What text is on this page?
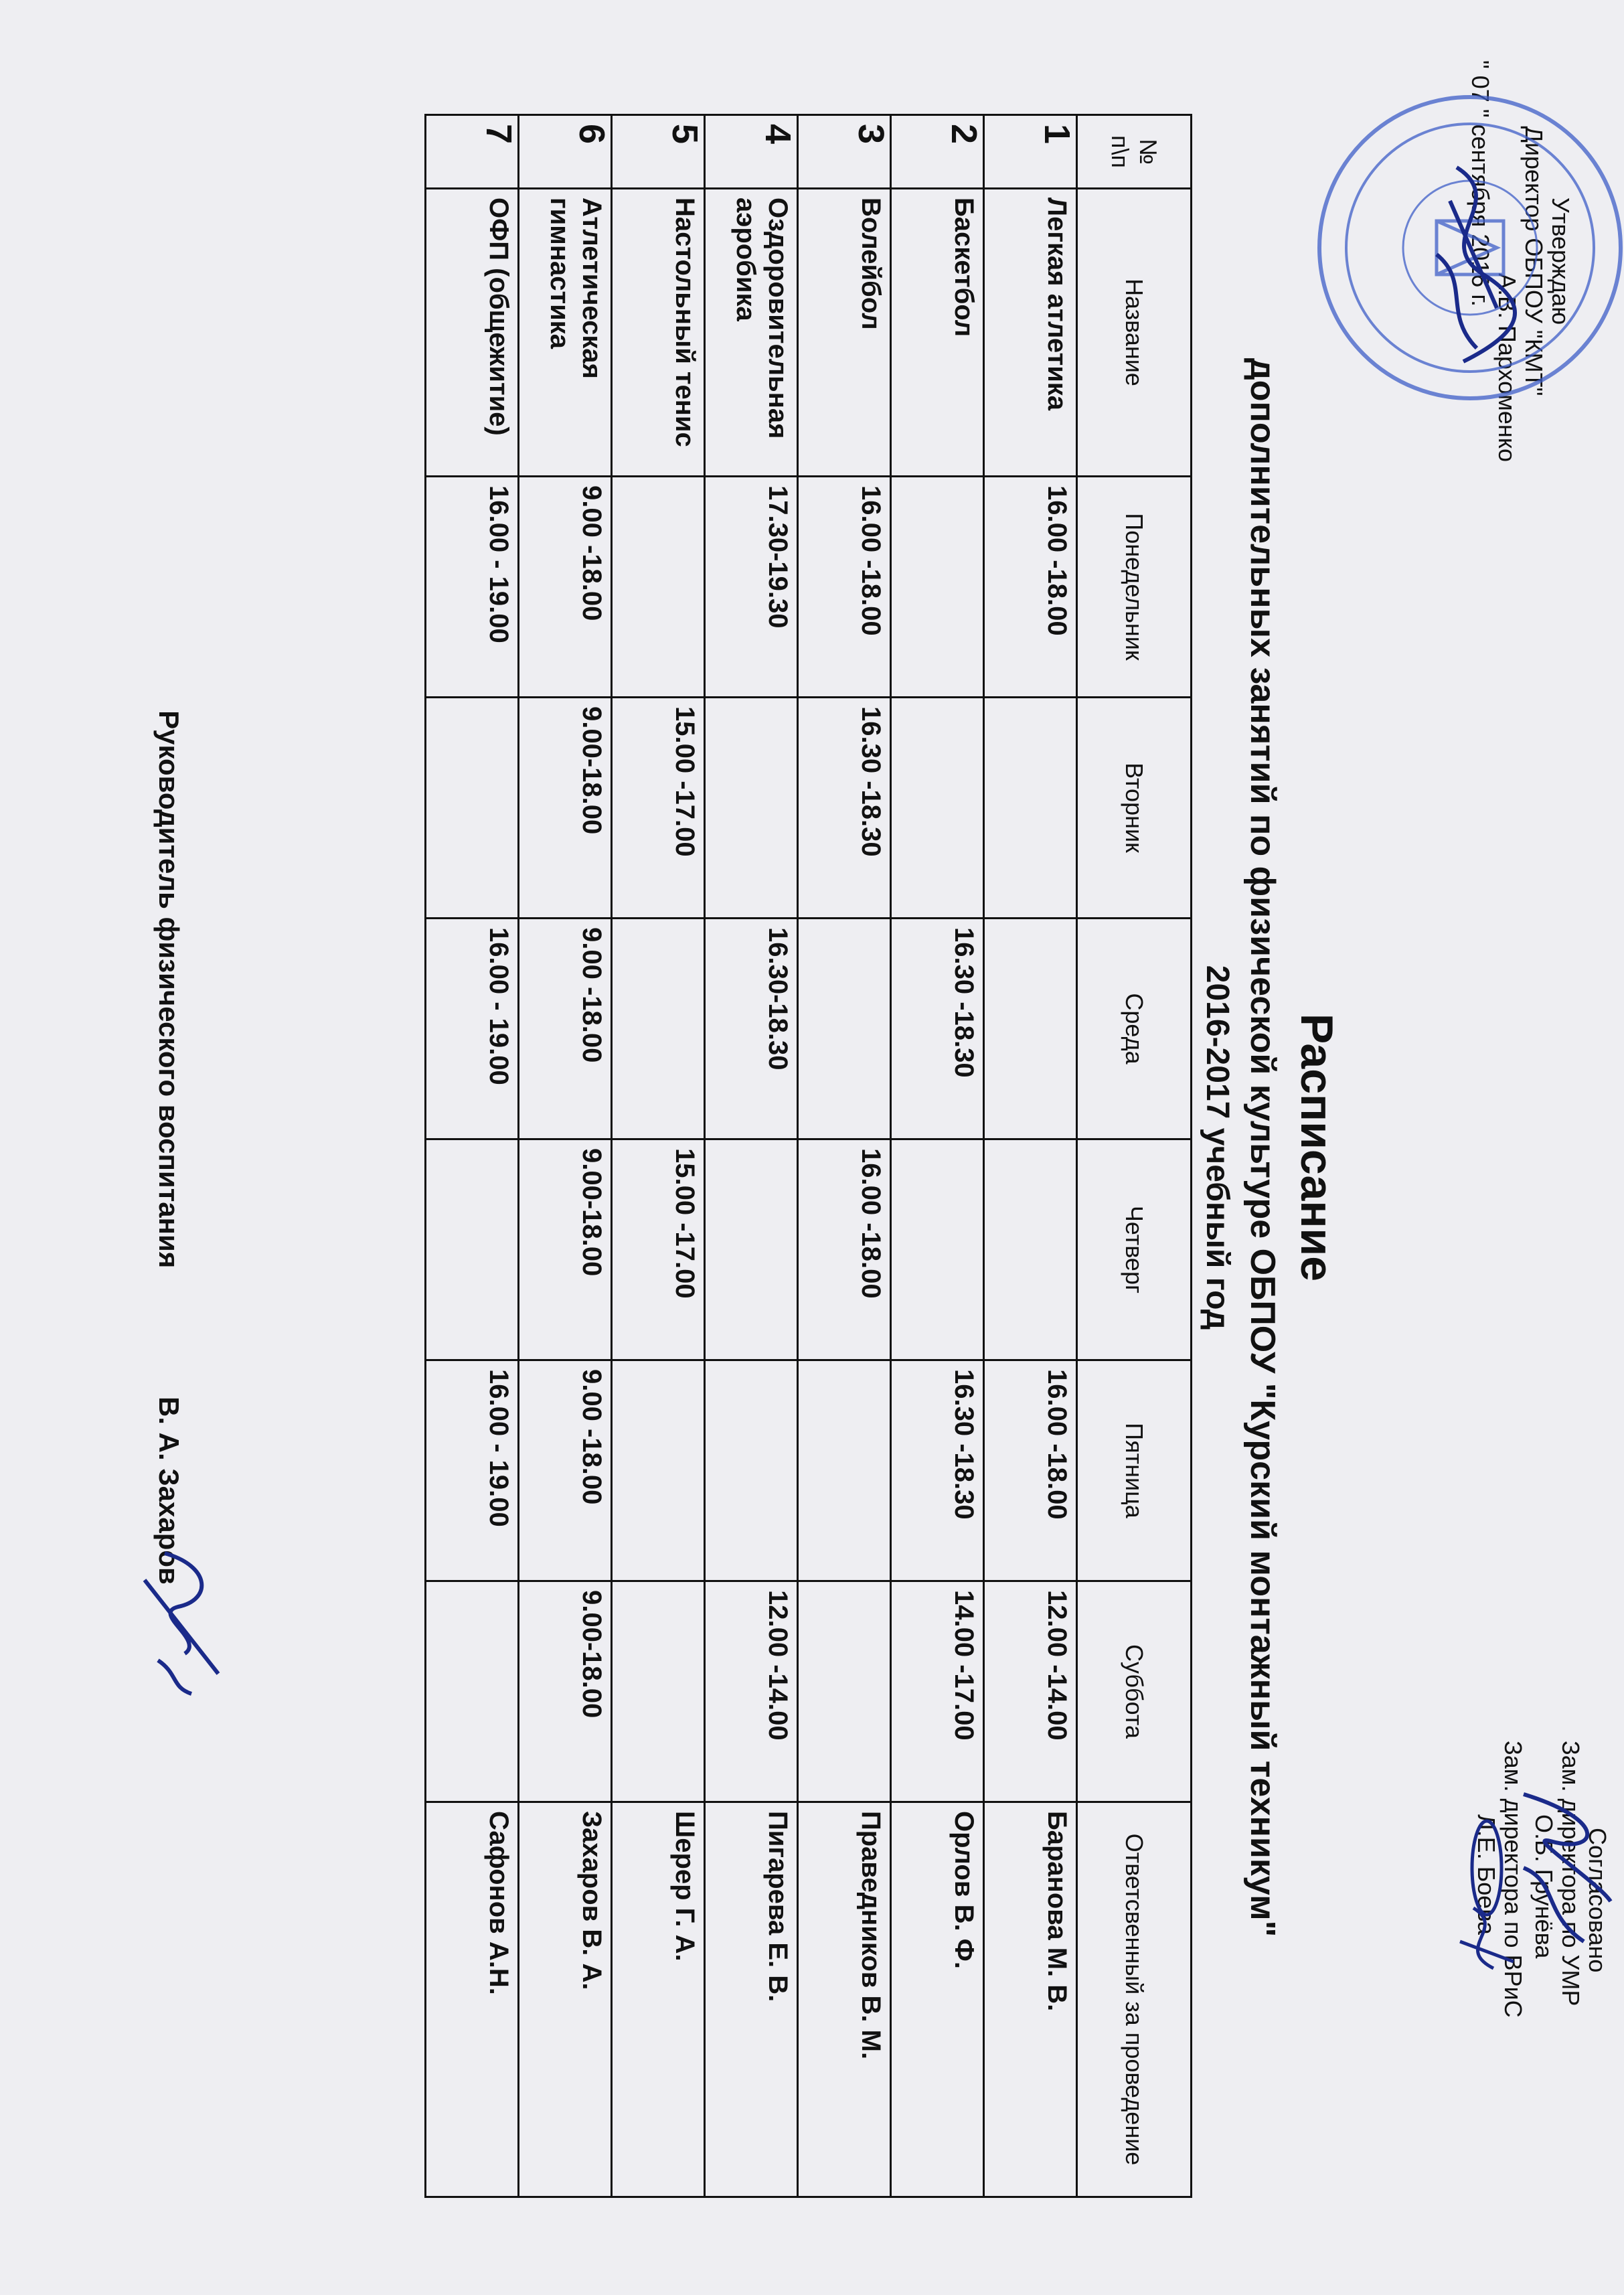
Утверждаю
Директор ОБПОУ "КМТ"
А.В. Пархоменко
" 07 " сентября 2016 г.
Согласовано
Зам. директора по УМР
О.Б. Грунёва
Зам. директора по ВРиС
Л.Е. Боева
Расписание
дополнительных занятий по физической культуре ОБПОУ "Курский монтажный техникум"
2016-2017 учебный год
№ п\п	Название	Понедельник	Вторник	Среда	Четверг	Пятница	Суббота	Ответсвенный за проведение
1	Легкая атлетика	16.00 -18.00				16.00 -18.00	12.00 -14.00	Баранова М. В.
2	Баскетбол			16.30 -18.30		16.30 -18.30	14.00 -17.00	Орлов В. Ф.
3	Волейбол	16.00 -18.00	16.30 -18.30		16.00 -18.00			Праведников В. М.
4	Оздоровительная аэробика	17.30-19.30		16.30-18.30			12.00 -14.00	Пигарева Е. В.
5	Настольный тенис		15.00 -17.00		15.00 -17.00			Шерер Г. А.
6	Атлетическая гимнастика	9.00 -18.00	9.00-18.00	9.00 -18.00	9.00-18.00	9.00 -18.00	9.00-18.00	Захаров В. А.
7	ОФП (общежитие)	16.00 - 19.00		16.00 - 19.00		16.00 - 19.00		Сафонов А.Н.
Руководитель физического воспитания В. А. Захаров
